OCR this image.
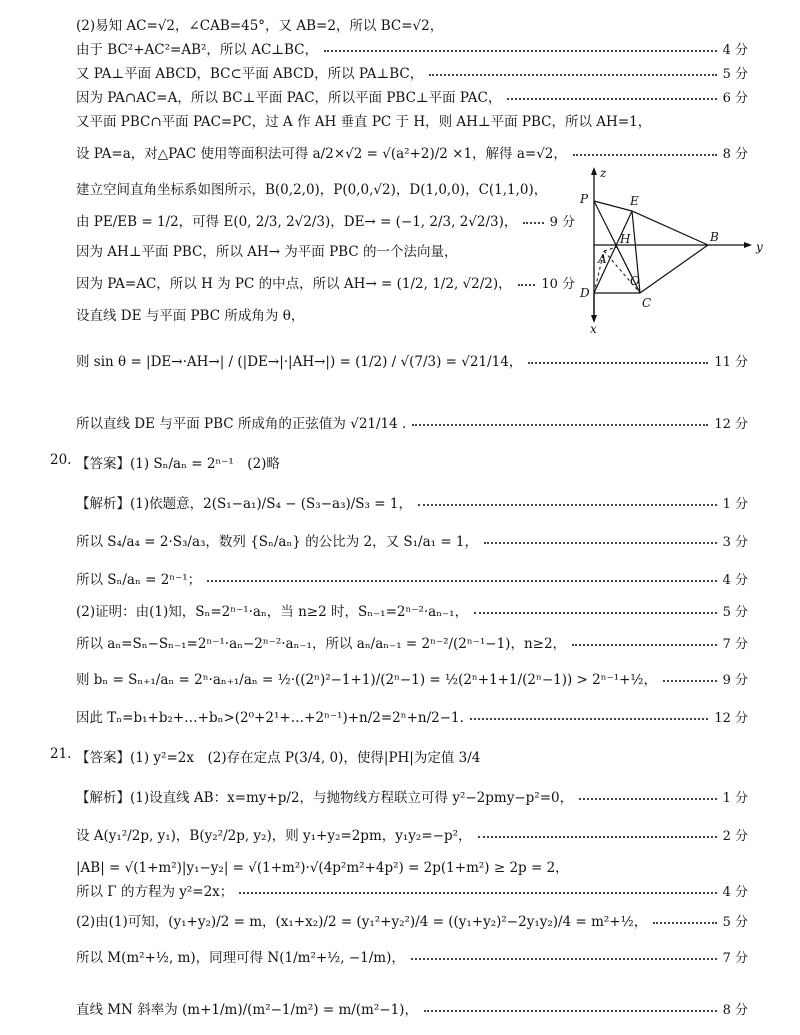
(2)易知 AC=√2，∠CAB=45°，又 AB=2，所以 BC=√2，
由于 BC²+AC²=AB²，所以 AC⊥BC，	4 分
又 PA⊥平面 ABCD，BC⊂平面 ABCD，所以 PA⊥BC，	5 分
因为 PA∩AC=A，所以 BC⊥平面 PAC，所以平面 PBC⊥平面 PAC，	6 分
又平面 PBC∩平面 PAC=PC，过 A 作 AH 垂直 PC 于 H，则 AH⊥平面 PBC，所以 AH=1，
设 PA=a，对△PAC 使用等面积法可得 a/2×√2 = √(a²+2)/2 ×1，解得 a=√2，	8 分
建立空间直角坐标系如图所示，B(0,2,0)，P(0,0,√2)，D(1,0,0)，C(1,1,0)，
由 PE/EB = 1/2，可得 E(0, 2/3, 2√2/3)，DE→ = (−1, 2/3, 2√2/3)， 9 分
因为 AH⊥平面 PBC，所以 AH→ 为平面 PBC 的一个法向量，
因为 PA=AC，所以 H 为 PC 的中点，所以 AH→ = (1/2, 1/2, √2/2)， 10 分
设直线 DE 与平面 PBC 所成角为 θ，
则 sin θ = |DE→·AH→| / (|DE→|·|AH→|) = (1/2) / √(7/3) = √21/14，	11 分
所以直线 DE 与平面 PBC 所成角的正弦值为 √21/14 .	12 分
20. 【答案】(1) Sₙ/aₙ = 2ⁿ⁻¹　(2)略
【解析】(1)依题意，2(S₁−a₁)/S₄ − (S₃−a₃)/S₃ = 1，	1 分
所以 S₄/a₄ = 2·S₃/a₃，数列 {Sₙ/aₙ} 的公比为 2，又 S₁/a₁ = 1，	3 分
所以 Sₙ/aₙ = 2ⁿ⁻¹；	4 分
(2)证明：由(1)知，Sₙ=2ⁿ⁻¹·aₙ，当 n≥2 时，Sₙ₋₁=2ⁿ⁻²·aₙ₋₁，	5 分
所以 aₙ=Sₙ−Sₙ₋₁=2ⁿ⁻¹·aₙ−2ⁿ⁻²·aₙ₋₁，所以 aₙ/aₙ₋₁ = 2ⁿ⁻²/(2ⁿ⁻¹−1)，n≥2，	7 分
则 bₙ = Sₙ₊₁/aₙ = 2ⁿ·aₙ₊₁/aₙ = ½·((2ⁿ)²−1+1)/(2ⁿ−1) = ½(2ⁿ+1+1/(2ⁿ−1)) > 2ⁿ⁻¹+½，	9 分
因此 Tₙ=b₁+b₂+…+bₙ>(2⁰+2¹+…+2ⁿ⁻¹)+n/2=2ⁿ+n/2−1.	12 分
21. 【答案】(1) y²=2x　(2)存在定点 P(3/4, 0)，使得|PH|为定值 3/4
【解析】(1)设直线 AB：x=my+p/2，与抛物线方程联立可得 y²−2pmy−p²=0，	1 分
设 A(y₁²/2p, y₁)，B(y₂²/2p, y₂)，则 y₁+y₂=2pm，y₁y₂=−p²，	2 分
|AB| = √(1+m²)|y₁−y₂| = √(1+m²)·√(4p²m²+4p²) = 2p(1+m²) ≥ 2p = 2，
所以 Γ 的方程为 y²=2x；	4 分
(2)由(1)可知，(y₁+y₂)/2 = m，(x₁+x₂)/2 = (y₁²+y₂²)/4 = ((y₁+y₂)²−2y₁y₂)/4 = m²+½，	5 分
所以 M(m²+½, m)，同理可得 N(1/m²+½, −1/m)，	7 分
直线 MN 斜率为 (m+1/m)/(m²−1/m²) = m/(m²−1)，	8 分
z
P	E
H
A
B
y
D
O
C
x
